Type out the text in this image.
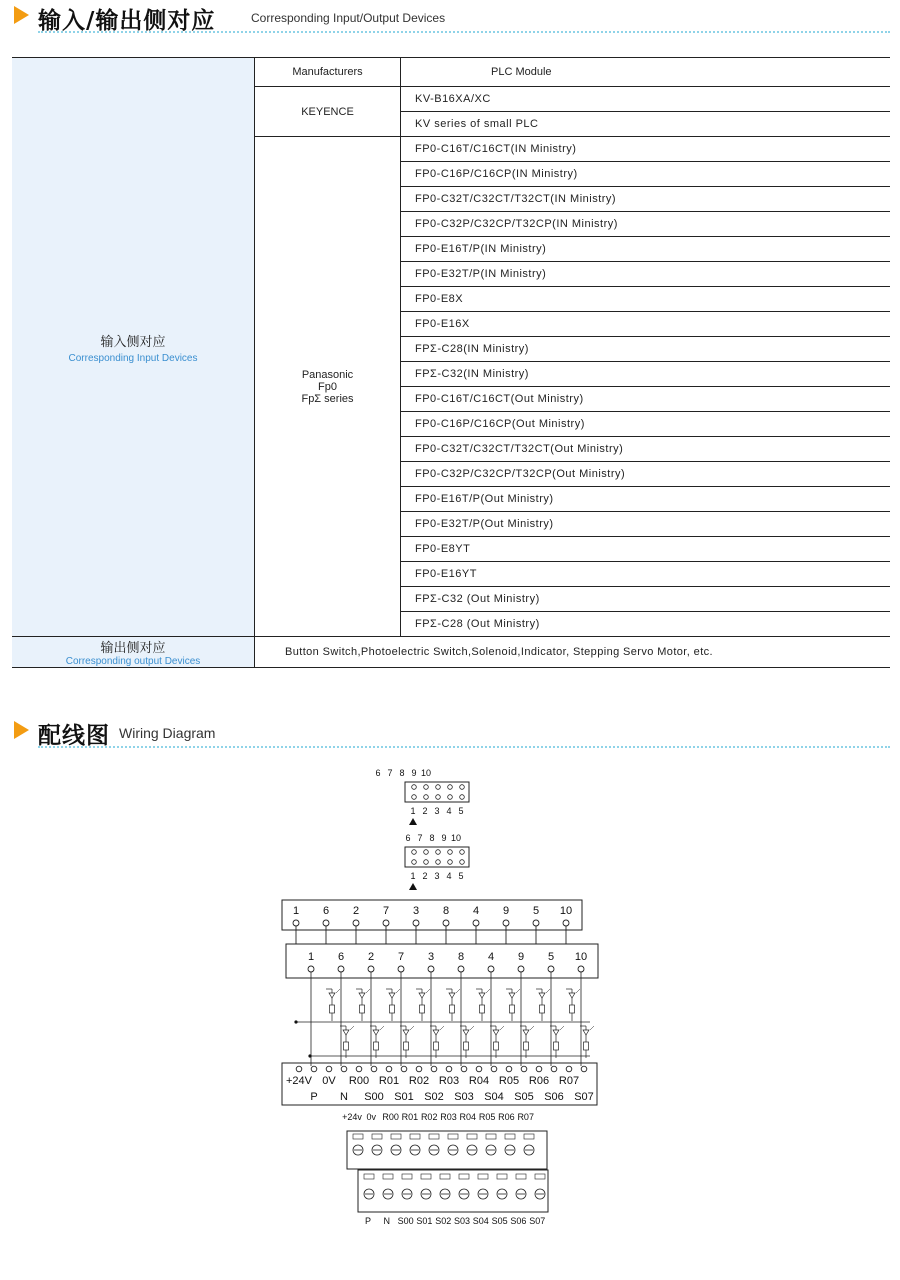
输入/输出侧对应	Corresponding Input/Output Devices
输入侧对应
Corresponding Input Devices	Manufacturers	PLC Module
	KEYENCE	KV-B16XA/XC
		KV series of small PLC

	Panasonic
Fp0
FpΣ series	FP0-C16T/C16CT(IN Ministry)
		FP0-C16P/C16CP(IN Ministry)
		FP0-C32T/C32CT/T32CT(IN Ministry)
		FP0-C32P/C32CP/T32CP(IN Ministry)
		FP0-E16T/P(IN Ministry)
		FP0-E32T/P(IN Ministry)
		FP0-E8X
		FP0-E16X
		FPΣ-C28(IN Ministry)
		FPΣ-C32(IN Ministry)
		FP0-C16T/C16CT(Out Ministry)
		FP0-C16P/C16CP(Out Ministry)
		FP0-C32T/C32CT/T32CT(Out Ministry)
		FP0-C32P/C32CP/T32CP(Out Ministry)
		FP0-E16T/P(Out Ministry)
		FP0-E32T/P(Out Ministry)
		FP0-E8YT
		FP0-E16YT
		FPΣ-C32 (Out Ministry)
		FPΣ-C28 (Out Ministry)

输出侧对应
Corresponding output Devices	Button Switch,Photoelectric Switch,Solenoid,Indicator, Stepping Servo Motor, etc.	
配线图 Wiring Diagram
6 7 8 9 10
1 2 3 4 5
6 7 8 9 10
1 2 3 4 5
1
1
6
6
2
2
7
7
3
3
8
8
4
4
9
9
5
5
10
10
+24V 0V R00 R01 R02 R03 R04 R05 R06 R07
P N S00 S01 S02 S03 S04 S05 S06 S07
+24v 0v R00 R01 R02 R03 R04 R05 R06 R07
P N S00 S01 S02 S03 S04 S05 S06 S07
